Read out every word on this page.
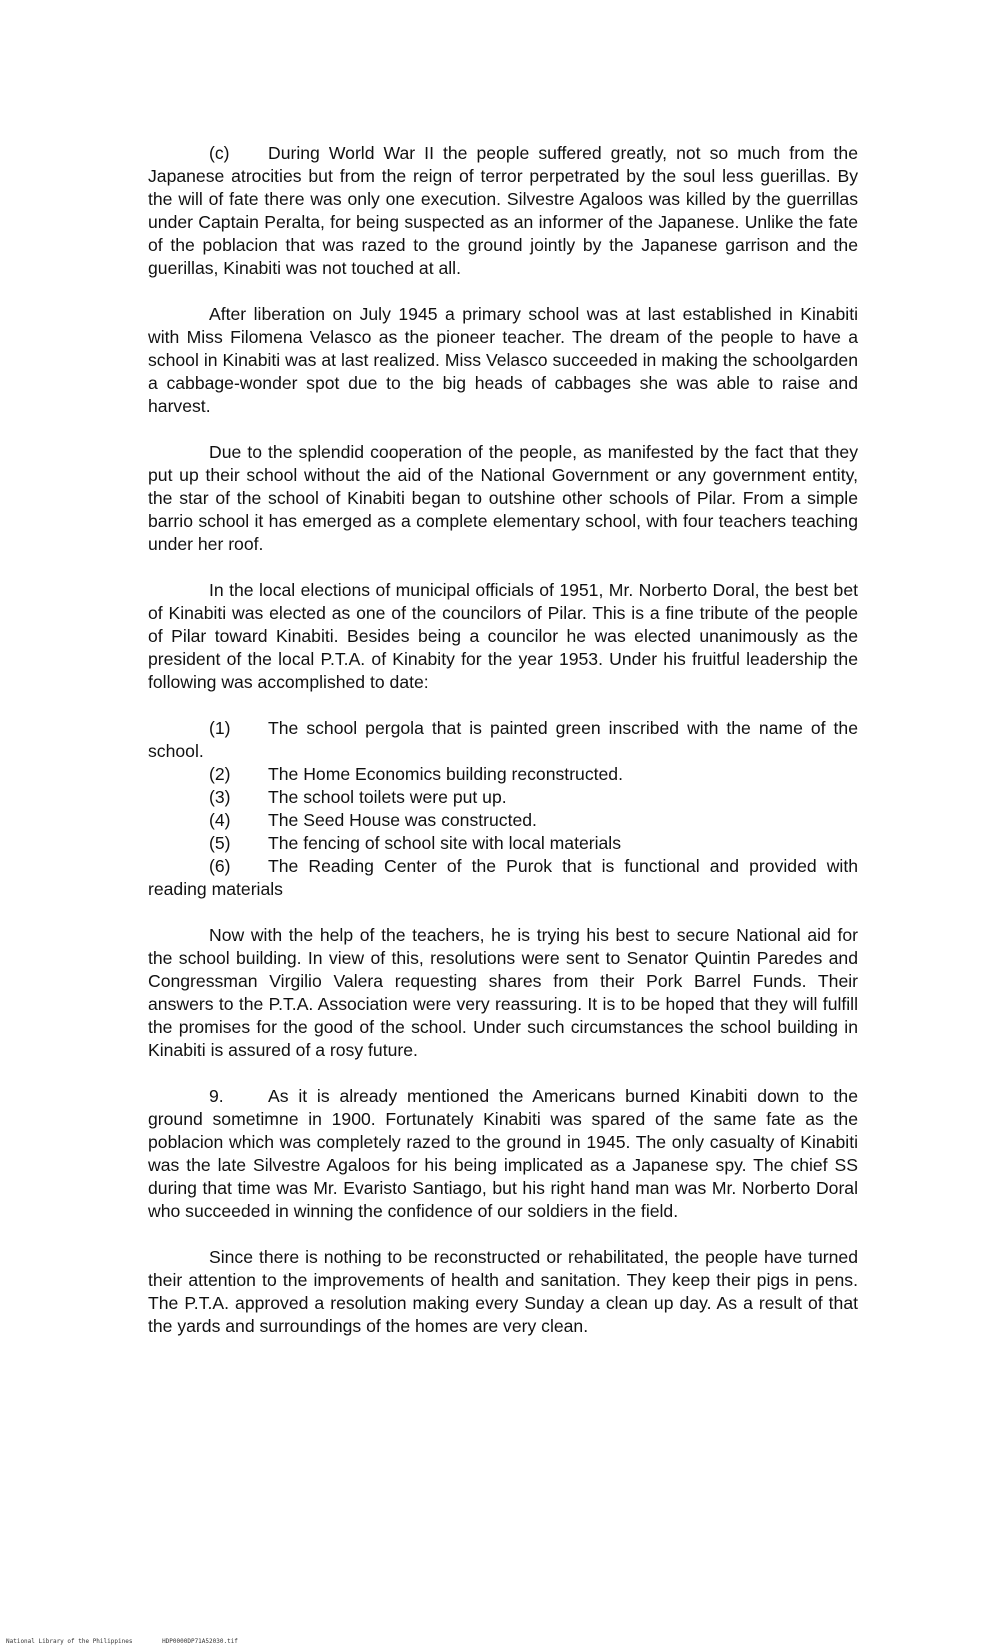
(c) During World War II the people suffered greatly, not so much from the Japanese atrocities but from the reign of terror perpetrated by the soul less guerillas. By the will of fate there was only one execution. Silvestre Agaloos was killed by the guerrillas under Captain Peralta, for being suspected as an informer of the Japanese. Unlike the fate of the poblacion that was razed to the ground jointly by the Japanese garrison and the guerillas, Kinabiti was not touched at all.

After liberation on July 1945 a primary school was at last established in Kinabiti with Miss Filomena Velasco as the pioneer teacher. The dream of the people to have a school in Kinabiti was at last realized. Miss Velasco succeeded in making the schoolgarden a cabbage-wonder spot due to the big heads of cabbages she was able to raise and harvest.

Due to the splendid cooperation of the people, as manifested by the fact that they put up their school without the aid of the National Government or any government entity, the star of the school of Kinabiti began to outshine other schools of Pilar. From a simple barrio school it has emerged as a complete elementary school, with four teachers teaching under her roof.

In the local elections of municipal officials of 1951, Mr. Norberto Doral, the best bet of Kinabiti was elected as one of the councilors of Pilar. This is a fine tribute of the people of Pilar toward Kinabiti. Besides being a councilor he was elected unanimously as the president of the local P.T.A. of Kinabity for the year 1953. Under his fruitful leadership the following was accomplished to date:

(1) The school pergola that is painted green inscribed with the name of the school.

(2) The Home Economics building reconstructed.

(3) The school toilets were put up.

(4) The Seed House was constructed.

(5) The fencing of school site with local materials

(6) The Reading Center of the Purok that is functional and provided with reading materials

Now with the help of the teachers, he is trying his best to secure National aid for the school building. In view of this, resolutions were sent to Senator Quintin Paredes and Congressman Virgilio Valera requesting shares from their Pork Barrel Funds. Their answers to the P.T.A. Association were very reassuring. It is to be hoped that they will fulfill the promises for the good of the school. Under such circumstances the school building in Kinabiti is assured of a rosy future.

9.	As it is already mentioned the Americans burned Kinabiti down to the ground sometimne in 1900. Fortunately Kinabiti was spared of the same fate as the poblacion which was completely razed to the ground in 1945. The only casualty of Kinabiti was the late Silvestre Agaloos for his being implicated as a Japanese spy. The chief SS during that time was Mr. Evaristo Santiago, but his right hand man was Mr. Norberto Doral who succeeded in winning the confidence of our soldiers in the field.

Since there is nothing to be reconstructed or rehabilitated, the people have turned their attention to the improvements of health and sanitation. They keep their pigs in pens. The P.T.A. approved a resolution making every Sunday a clean up day. As a result of that the yards and surroundings of the homes are very clean.

National Library of the Philippines	HDP0000DP71A52030.tif
